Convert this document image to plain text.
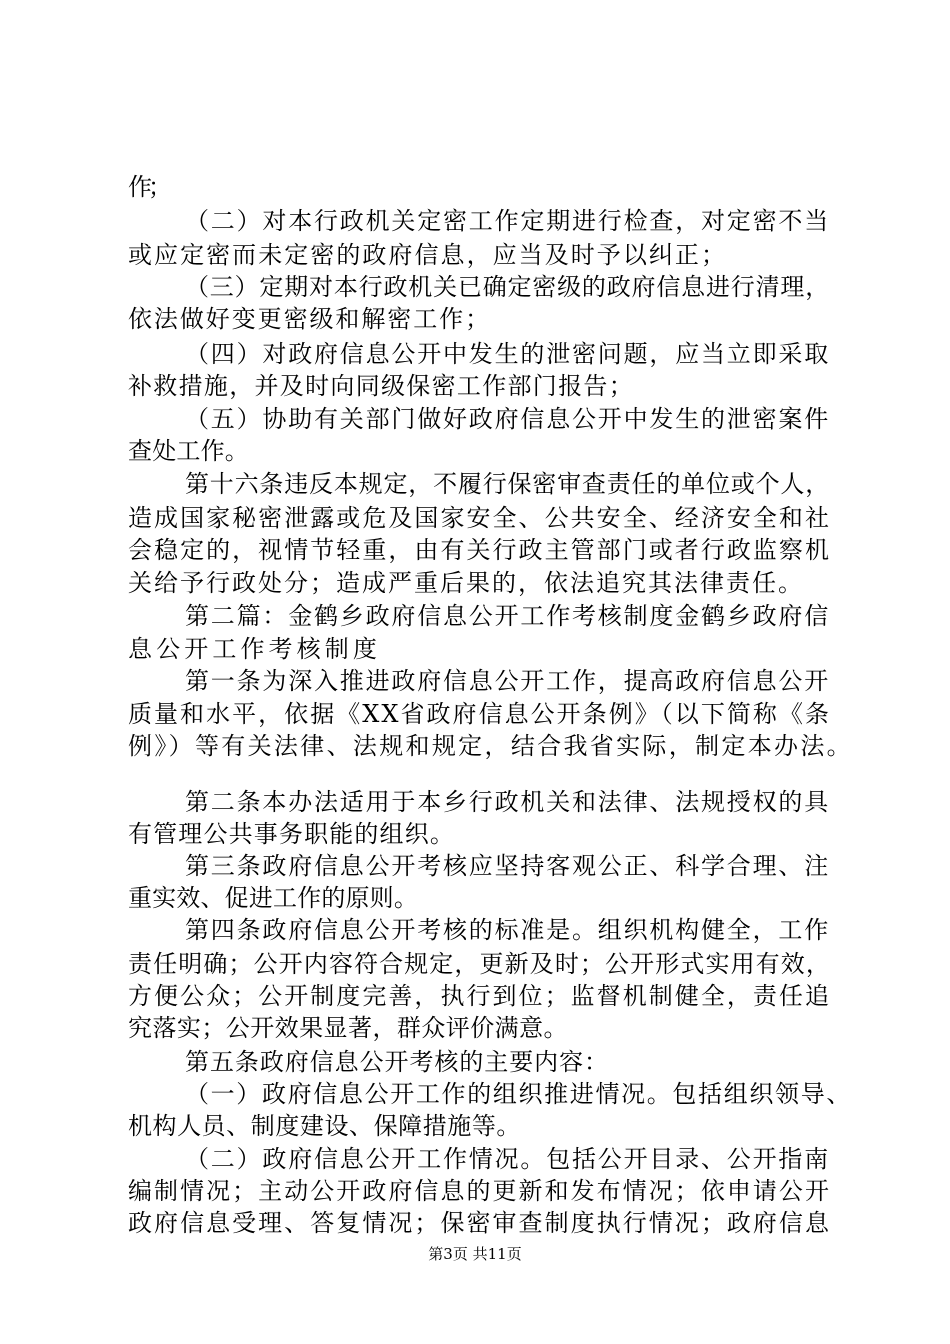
作；
（二）对本行政机关定密工作定期进行检查，对定密不当
或应定密而未定密的政府信息，应当及时予以纠正；
（三）定期对本行政机关已确定密级的政府信息进行清理，
依法做好变更密级和解密工作；
（四）对政府信息公开中发生的泄密问题，应当立即采取
补救措施，并及时向同级保密工作部门报告；
（五）协助有关部门做好政府信息公开中发生的泄密案件
查处工作。
第十六条违反本规定，不履行保密审查责任的单位或个人，
造成国家秘密泄露或危及国家安全、公共安全、经济安全和社
会稳定的，视情节轻重，由有关行政主管部门或者行政监察机
关给予行政处分；造成严重后果的，依法追究其法律责任。
第二篇：金鹤乡政府信息公开工作考核制度金鹤乡政府信
息公开工作考核制度
第一条为深入推进政府信息公开工作，提高政府信息公开
质量和水平，依据《XX省政府信息公开条例》（以下简称《条
例》）等有关法律、法规和规定，结合我省实际，制定本办法。
第二条本办法适用于本乡行政机关和法律、法规授权的具
有管理公共事务职能的组织。
第三条政府信息公开考核应坚持客观公正、科学合理、注
重实效、促进工作的原则。
第四条政府信息公开考核的标准是。组织机构健全，工作
责任明确；公开内容符合规定，更新及时；公开形式实用有效，
方便公众；公开制度完善，执行到位；监督机制健全，责任追
究落实；公开效果显著，群众评价满意。
第五条政府信息公开考核的主要内容：
（一）政府信息公开工作的组织推进情况。包括组织领导、
机构人员、制度建设、保障措施等。
（二）政府信息公开工作情况。包括公开目录、公开指南
编制情况；主动公开政府信息的更新和发布情况；依申请公开
政府信息受理、答复情况；保密审查制度执行情况；政府信息
第3页 共11页
